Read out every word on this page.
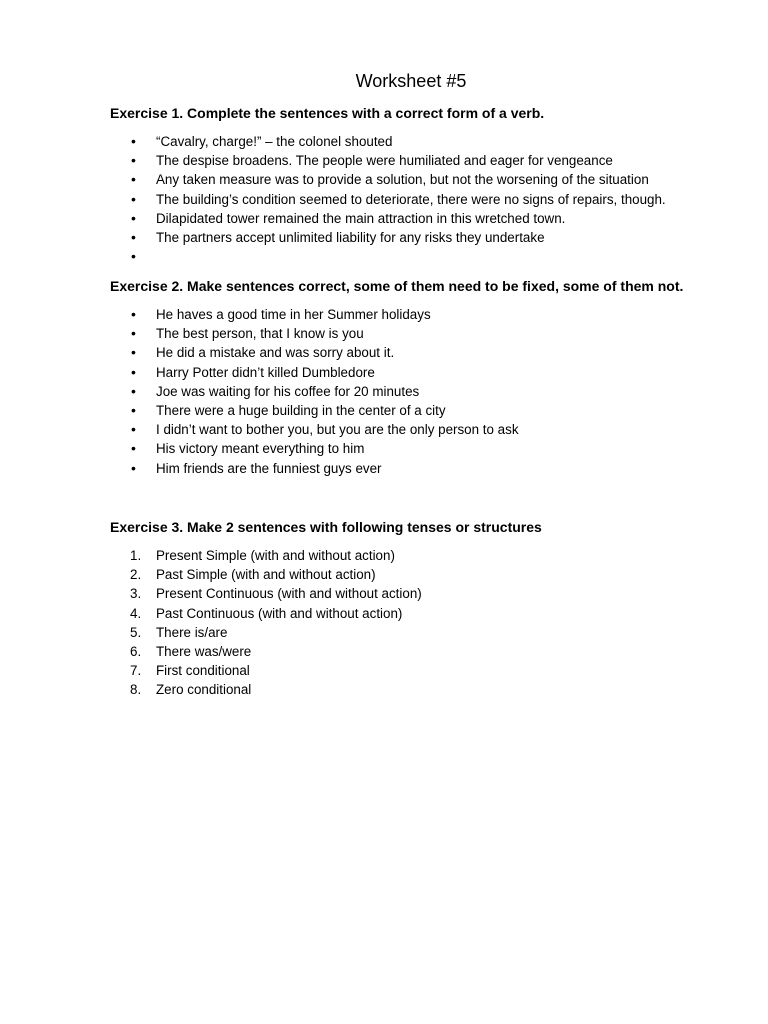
Worksheet #5

Exercise 1. Complete the sentences with a correct form of a verb.

•	“Cavalry, charge!” – the colonel shouted
•	The despise broadens. The people were humiliated and eager for vengeance
•	Any taken measure was to provide a solution, but not the worsening of the situation
•	The building’s condition seemed to deteriorate, there were no signs of repairs, though.
•	Dilapidated tower remained the main attraction in this wretched town.
•	The partners accept unlimited liability for any risks they undertake
•

Exercise 2. Make sentences correct, some of them need to be fixed, some of them not.

•	He haves a good time in her Summer holidays
•	The best person, that I know is you
•	He did a mistake and was sorry about it.
•	Harry Potter didn’t killed Dumbledore
•	Joe was waiting for his coffee for 20 minutes
•	There were a huge building in the center of a city
•	I didn’t want to bother you, but you are the only person to ask
•	His victory meant everything to him
•	Him friends are the funniest guys ever

Exercise 3. Make 2 sentences with following tenses or structures

1.	Present Simple (with and without action)
2.	Past Simple (with and without action)
3.	Present Continuous (with and without action)
4.	Past Continuous (with and without action)
5.	There is/are
6.	There was/were
7.	First conditional
8.	Zero conditional
